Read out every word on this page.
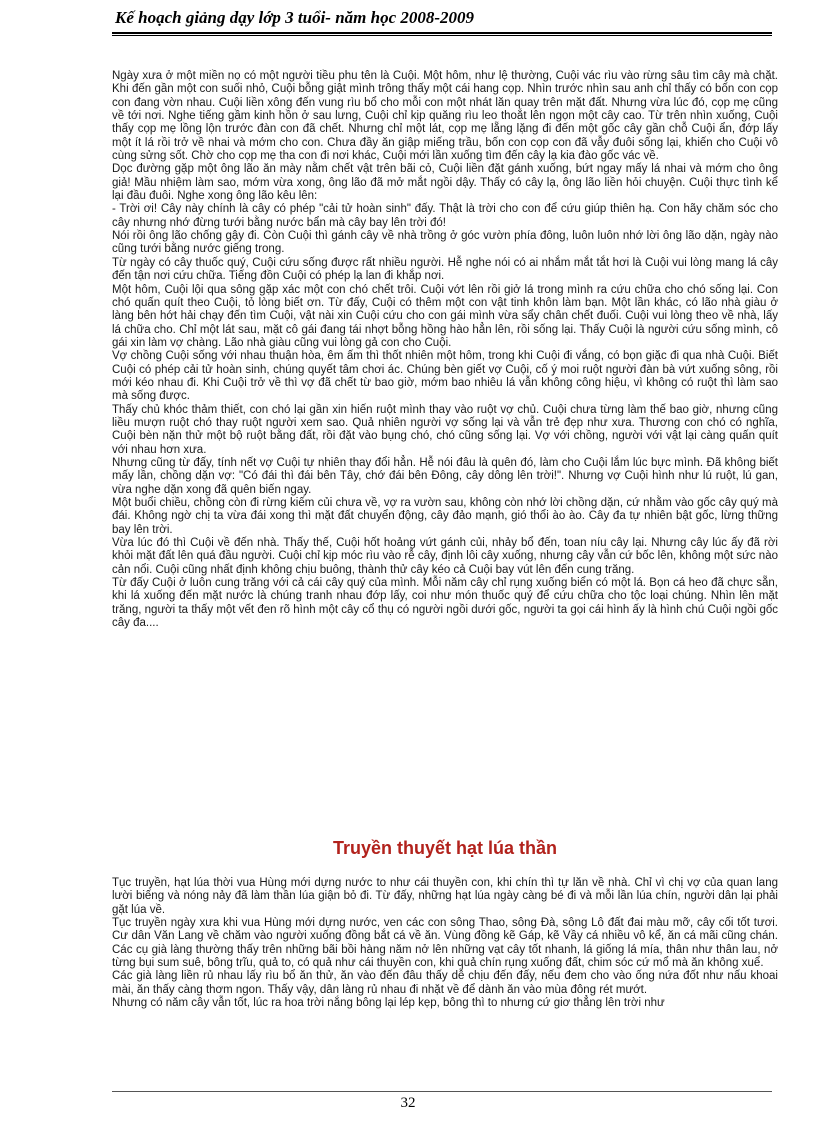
Kế hoạch giảng dạy lớp 3 tuổi- năm học 2008-2009

Ngày xưa ở một miền nọ có một người tiều phu tên là Cuội. Một hôm, như lệ thường, Cuội vác rìu vào rừng sâu tìm cây mà chặt. Khi đến gần một con suối nhỏ, Cuội bỗng giật mình trông thấy một cái hang cọp. Nhìn trước nhìn sau anh chỉ thấy có bốn con cọp con đang vờn nhau. Cuội liền xông đến vung rìu bổ cho mỗi con một nhát lăn quay trên mặt đất. Nhưng vừa lúc đó, cọp mẹ cũng về tới nơi. Nghe tiếng gầm kinh hồn ở sau lưng, Cuội chỉ kịp quăng rìu leo thoắt lên ngọn một cây cao. Từ trên nhìn xuống, Cuội thấy cọp mẹ lồng lộn trước đàn con đã chết. Nhưng chỉ một lát, cọp mẹ lẵng lặng đi đến một gốc cây gần chỗ Cuội ẩn, đớp lấy một ít lá rồi trở về nhai và mớm cho con. Chưa đầy ăn giập miếng trầu, bốn con cọp con đã vẫy đuôi sống lại, khiến cho Cuội vô cùng sửng sốt. Chờ cho cọp mẹ tha con đi nơi khác, Cuội mới lần xuống tìm đến cây lạ kia đào gốc vác về.

Dọc đường gặp một ông lão ăn mày nằm chết vật trên bãi cỏ, Cuội liền đặt gánh xuống, bứt ngay mấy lá nhai và mớm cho ông giả! Mầu nhiệm làm sao, mớm vừa xong, ông lão đã mở mắt ngồi dậy. Thấy có cây lạ, ông lão liền hỏi chuyện. Cuội thực tình kể lại đầu đuôi. Nghe xong ông lão kêu lên:

- Trời ơi! Cây này chính là cây có phép "cải tử hoàn sinh" đấy. Thật là trời cho con để cứu giúp thiên hạ. Con hãy chăm sóc cho cây nhưng nhớ đừng tưới bằng nước bẩn mà cây bay lên trời đó!

Nói rồi ông lão chống gậy đi. Còn Cuội thì gánh cây về nhà trồng ở góc vườn phía đông, luôn luôn nhớ lời ông lão dặn, ngày nào cũng tưới bằng nước giếng trong.

Từ ngày có cây thuốc quý, Cuội cứu sống được rất nhiều người. Hễ nghe nói có ai nhắm mắt tắt hơi là Cuội vui lòng mang lá cây đến tận nơi cứu chữa. Tiếng đồn Cuội có phép lạ lan đi khắp nơi.

Một hôm, Cuội lội qua sông gặp xác một con chó chết trôi. Cuội vớt lên rồi giở lá trong mình ra cứu chữa cho chó sống lại. Con chó quấn quít theo Cuội, tỏ lòng biết ơn. Từ đấy, Cuội có thêm một con vật tinh khôn làm bạn. Một lần khác, có lão nhà giàu ở làng bên hớt hải chạy đến tìm Cuội, vật nài xin Cuội cứu cho con gái mình vừa sẩy chân chết đuối. Cuội vui lòng theo về nhà, lấy lá chữa cho. Chỉ một lát sau, mặt cô gái đang tái nhợt bỗng hồng hào hẳn lên, rồi sống lại. Thấy Cuội là người cứu sống mình, cô gái xin làm vợ chàng. Lão nhà giàu cũng vui lòng gả con cho Cuội.

Vợ chồng Cuội sống với nhau thuận hòa, êm ấm thì thốt nhiên một hôm, trong khi Cuội đi vắng, có bọn giặc đi qua nhà Cuội. Biết Cuội có phép cải tử hoàn sinh, chúng quyết tâm chơi ác. Chúng bèn giết vợ Cuội, cố ý moi ruột người đàn bà vứt xuống sông, rồi mới kéo nhau đi. Khi Cuội trở về thì vợ đã chết từ bao giờ, mớm bao nhiêu lá vẫn không công hiệu, vì không có ruột thì làm sao mà sống được.

Thấy chủ khóc thảm thiết, con chó lại gần xin hiến ruột mình thay vào ruột vợ chủ. Cuội chưa từng làm thế bao giờ, nhưng cũng liều mượn ruột chó thay ruột người xem sao. Quả nhiên người vợ sống lại và vẫn trẻ đẹp như xưa. Thương con chó có nghĩa, Cuội bèn nặn thử một bộ ruột bằng đất, rồi đặt vào bụng chó, chó cũng sống lại. Vợ với chồng, người với vật lại càng quấn quít với nhau hơn xưa.

Nhưng cũng từ đấy, tính nết vợ Cuội tự nhiên thay đổi hẳn. Hễ nói đâu là quên đó, làm cho Cuội lắm lúc bực mình. Đã không biết mấy lần, chồng dặn vợ: "Có đái thì đái bên Tây, chớ đái bên Đông, cây dông lên trời!". Nhưng vợ Cuội hình như lú ruột, lú gan, vừa nghe dặn xong đã quên biến ngay.

Một buổi chiều, chồng còn đi rừng kiếm củi chưa về, vợ ra vườn sau, không còn nhớ lời chồng dặn, cứ nhằm vào gốc cây quý mà đái. Không ngờ chị ta vừa đái xong thì mặt đất chuyển động, cây đảo mạnh, gió thổi ào ào. Cây đa tự nhiên bật gốc, lừng thững bay lên trời.

Vừa lúc đó thì Cuội về đến nhà. Thấy thế, Cuội hốt hoảng vứt gánh củi, nhảy bổ đến, toan níu cây lại. Nhưng cây lúc ấy đã rời khỏi mặt đất lên quá đầu người. Cuội chỉ kịp móc rìu vào rễ cây, định lôi cây xuống, nhưng cây vẫn cứ bốc lên, không một sức nào cản nổi. Cuội cũng nhất định không chịu buông, thành thử cây kéo cả Cuội bay vút lên đến cung trăng.

Từ đấy Cuội ở luôn cung trăng với cả cái cây quý của mình. Mỗi năm cây chỉ rụng xuống biển có một lá. Bọn cá heo đã chực sẵn, khi lá xuống đến mặt nước là chúng tranh nhau đớp lấy, coi như món thuốc quý để cứu chữa cho tộc loại chúng. Nhìn lên mặt trăng, người ta thấy một vết đen rõ hình một cây cổ thụ có người ngồi dưới gốc, người ta gọi cái hình ấy là hình chú Cuội ngồi gốc cây đa....

Truyền thuyết hạt lúa thần

Tục truyền, hạt lúa thời vua Hùng mới dựng nước to như cái thuyền con, khi chín thì tự lăn về nhà. Chỉ vì chị vợ của quan lang lười biếng và nóng nảy đã làm thần lúa giận bỏ đi. Từ đấy, những hạt lúa ngày càng bé đi và mỗi lần lúa chín, người dân lại phải gặt lúa về.

Tục truyền ngày xưa khi vua Hùng mới dựng nước, ven các con sông Thao, sông Đà, sông Lô đất đai màu mỡ, cây cối tốt tươi. Cư dân Văn Lang về chăm vào người xuống đồng bắt cá về ăn. Vùng đồng kẽ Gáp, kẽ Vầy cá nhiều vô kể, ăn cá mãi cũng chán. Các cụ già làng thường thấy trên những bãi bồi hàng năm nở lên những vạt cây tốt nhanh, lá giống lá mía, thân như thân lau, nở từng bụi sum suê, bông trĩu, quả to, có quả như cái thuyền con, khi quả chín rụng xuống đất, chim sóc cứ mổ mà ăn không xuể.

Các già làng liền rủ nhau lấy rìu bổ ăn thử, ăn vào đến đâu thấy dễ chịu đến đấy, nếu đem cho vào ống nứa đốt như nấu khoai mài, ăn thấy càng thơm ngon. Thấy vậy, dân làng rủ nhau đi nhặt về để dành ăn vào mùa đông rét mướt.

Nhưng có năm cây vẫn tốt, lúc ra hoa trời nắng bông lại lép kẹp, bông thì to nhưng cứ giơ thẳng lên trời như

32
